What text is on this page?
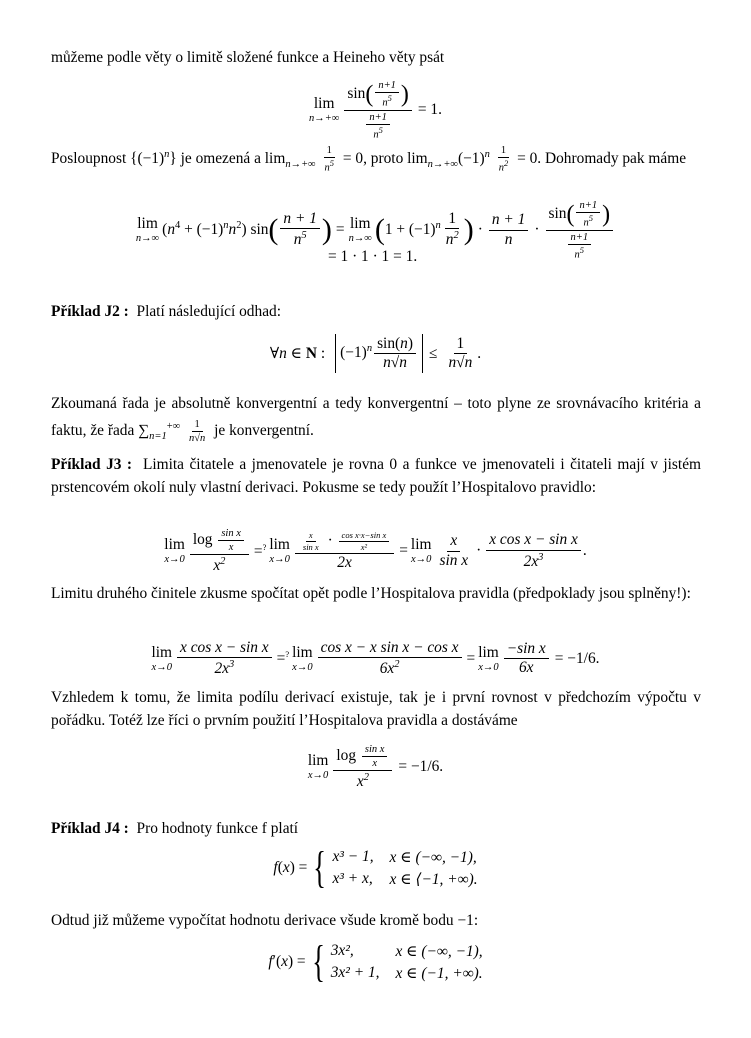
můžeme podle věty o limitě složené funkce a Heineho věty psát

lim
$n\to+\infty \frac{\sin( \frac{n+1}{n^5} )}{\frac{n+1}{n^5}} = 1$.

Posloupnost $\{(-1)^n\}$ je omezená a $\lim_{n\to+\infty} \frac{1}{n^5} = 0$, proto $\lim_{n\to+\infty}(-1)^n \frac{1}{n^2} = 0$. Dohromady pak máme

lim
n→∞
$(n^4 + (-1)^nn^2)$ sin ( $\frac{n + 1}{n^5}$ ) = lim
n→∞ ( $1 + (-1)^n \frac{1}{n^2}$ ) · $\frac{n + 1}{n} \cdot \frac{\sin( \frac{n+1}{n^5} )}{\frac{n+1}{n^5}}$
= 1 · 1 · 1 = 1.

Příklad J2 : Platí následující odhad:

∀n ∈ N : $(-1)^n \frac{\sin(n)}{n√n} \le \frac{1}{n√n}$ .

Zkoumaná řada je absolutně konvergentní a tedy konvergentní – toto plyne ze srovnávacího kritéria a faktu, že řada $\sum_{n=1}^{+\infty} \frac{1}{n√n}$ je konvergentní.

Příklad J3 : Limita čitatele a jmenovatele je rovna 0 a funkce ve jmenovateli i čitateli mají v jistém prstencovém okolí nuly vlastní derivaci. Pokusme se tedy použít l’Hospitalovo pravidlo:

lim
$x\to 0 \frac{\log \frac{\text{sin x}}{x}}{x^2} =^?$ lim
$x\to 0 \frac{\frac{x}{\text{sin x}} \cdot \frac{\text{cos x·x−sin x}}{\text{x²}}}{2x} = \lim$
$x\to 0 \frac{x}{\text{sin x}} \cdot \frac{\text{x cos x − sin x}}{2x^3}$ .

Limitu druhého činitele zkusme spočítat opět podle l’Hospitalova pravidla (předpoklady jsou splněny!):

lim
$x\to 0 \frac{\text{x cos x − sin x}}{2x^3} =^?$ lim
$x\to 0 \frac{\text{cos x − x sin x − cos x}}{6x^2} = \lim$
$x\to 0 \frac{\text{−sin x}}{6x} = -1/6$.

Vzhledem k tomu, že limita podílu derivací existuje, tak je i první rovnost v předchozím výpočtu v pořádku. Totéž lze říci o prvním použití l’Hospitalova pravidla a dostáváme

lim
$x\to 0 \frac{\log \frac{\text{sin x}}{x}}{x^2} = -1/6$.

Příklad J4 : Pro hodnoty funkce f platí

f ( x ) = { x³ − 1, x ∈ (−∞, −1),
x³ + x, x ∈ ⟨−1, +∞).

Odtud již můžeme vypočítat hodnotu derivace všude kromě bodu −1:

f ′( x ) = { 3x²,	x ∈ (−∞, −1),
3x² + 1, x ∈ (−1, +∞).
